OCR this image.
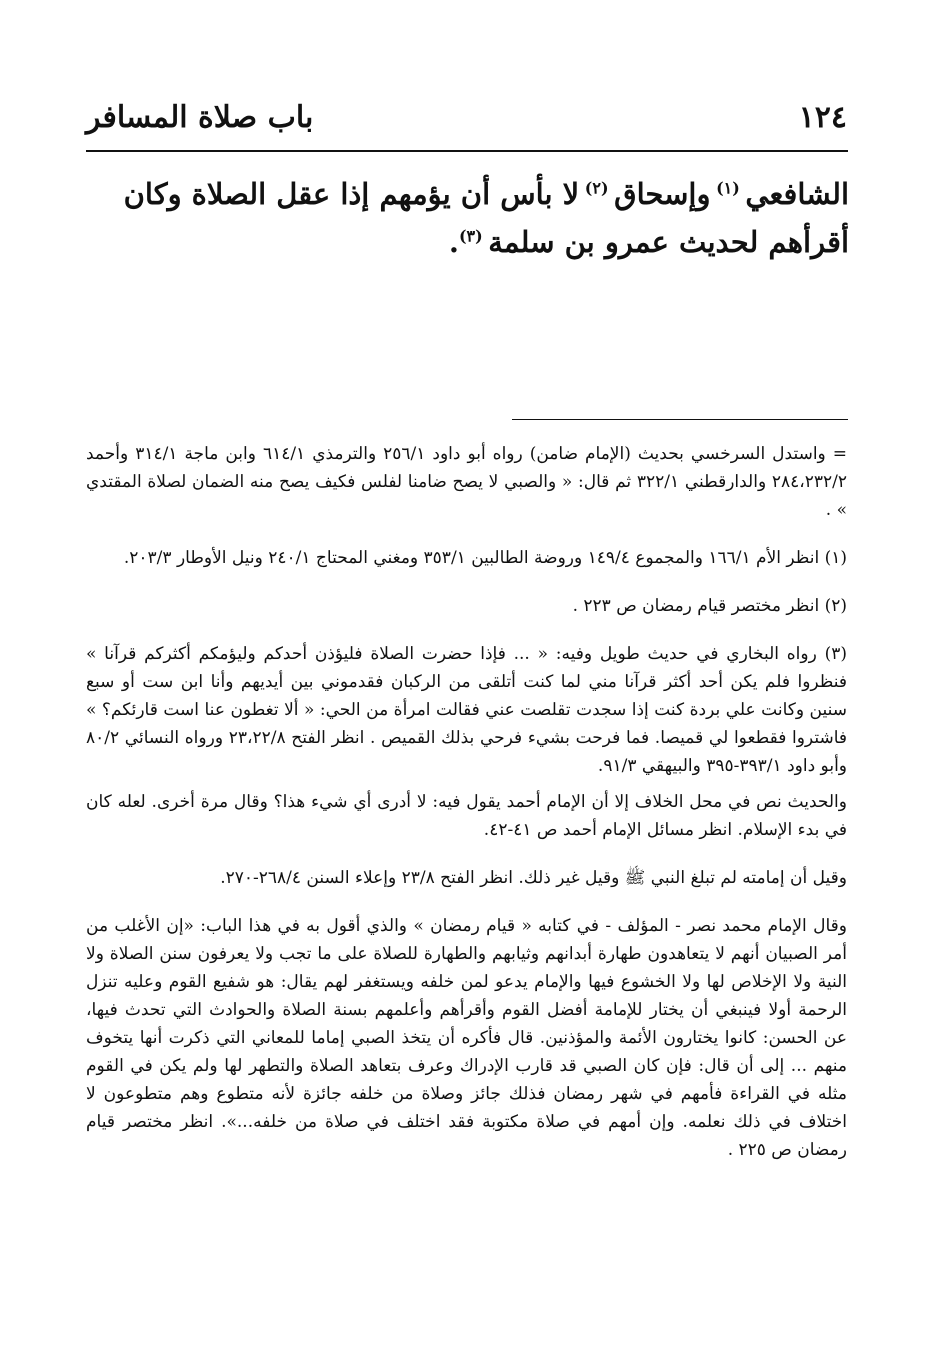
١٢٤
باب صلاة المسافر

الشافعي $^{(١)}$ وإسحاق $^{(٢)}$ لا بأس أن يؤمهم إذا عقل الصلاة وكان أقرأهم لحديث عمرو بن سلمة $^{(٣)}$.

= واستدل السرخسي بحديث (الإمام ضامن) رواه أبو داود ٢٥٦/١ والترمذي ٦١٤/١ وابن ماجة ٣١٤/١ وأحمد ٢٨٤،٢٣٢/٢ والدارقطني ٣٢٢/١ ثم قال: « والصبي لا يصح ضامنا لفلس فكيف يصح منه الضمان لصلاة المقتدي » .

(١) انظر الأم ١٦٦/١ والمجموع ١٤٩/٤ وروضة الطالبين ٣٥٣/١ ومغني المحتاج ٢٤٠/١ ونيل الأوطار ٢٠٣/٣.

(٢) انظر مختصر قيام رمضان ص ٢٢٣ .

(٣) رواه البخاري في حديث طويل وفيه: « ... فإذا حضرت الصلاة فليؤذن أحدكم وليؤمكم أكثركم قرآنا » فنظروا فلم يكن أحد أكثر قرآنا مني لما كنت أتلقى من الركبان فقدموني بين أيديهم وأنا ابن ست أو سبع سنين وكانت علي بردة كنت إذا سجدت تقلصت عني فقالت امرأة من الحي: « ألا تغطون عنا است قارئكم؟ » فاشتروا فقطعوا لي قميصا. فما فرحت بشيء فرحي بذلك القميص . انظر الفتح ٢٣،٢٢/٨ ورواه النسائي ٨٠/٢ وأبو داود ٣٩٣/١-٣٩٥ والبيهقي ٩١/٣.

والحديث نص في محل الخلاف إلا أن الإمام أحمد يقول فيه: لا أدرى أي شيء هذا؟ وقال مرة أخرى. لعله كان في بدء الإسلام. انظر مسائل الإمام أحمد ص ٤١-٤٢.

وقيل أن إمامته لم تبلغ النبي ﷺ وقيل غير ذلك. انظر الفتح ٢٣/٨ وإعلاء السنن ٢٦٨/٤-٢٧٠.

وقال الإمام محمد نصر - المؤلف - في كتابه « قيام رمضان » والذي أقول به في هذا الباب: «إن الأغلب من أمر الصبيان أنهم لا يتعاهدون طهارة أبدانهم وثيابهم والطهارة للصلاة على ما تجب ولا يعرفون سنن الصلاة ولا النية ولا الإخلاص لها ولا الخشوع فيها والإمام يدعو لمن خلفه ويستغفر لهم يقال: هو شفيع القوم وعليه تنزل الرحمة أولا فينبغي أن يختار للإمامة أفضل القوم وأقرأهم وأعلمهم بسنة الصلاة والحوادث التي تحدث فيها، عن الحسن: كانوا يختارون الأئمة والمؤذنين. قال فأكره أن يتخذ الصبي إماما للمعاني التي ذكرت أنها يتخوف منهم ... إلى أن قال: فإن كان الصبي قد قارب الإدراك وعرف بتعاهد الصلاة والتطهر لها ولم يكن في القوم مثله في القراءة فأمهم في شهر رمضان فذلك جائز وصلاة من خلفه جائزة لأنه متطوع وهم متطوعون لا اختلاف في ذلك نعلمه. وإن أمهم في صلاة مكتوبة فقد اختلف في صلاة من خلفه...». انظر مختصر قيام رمضان ص ٢٢٥ .
